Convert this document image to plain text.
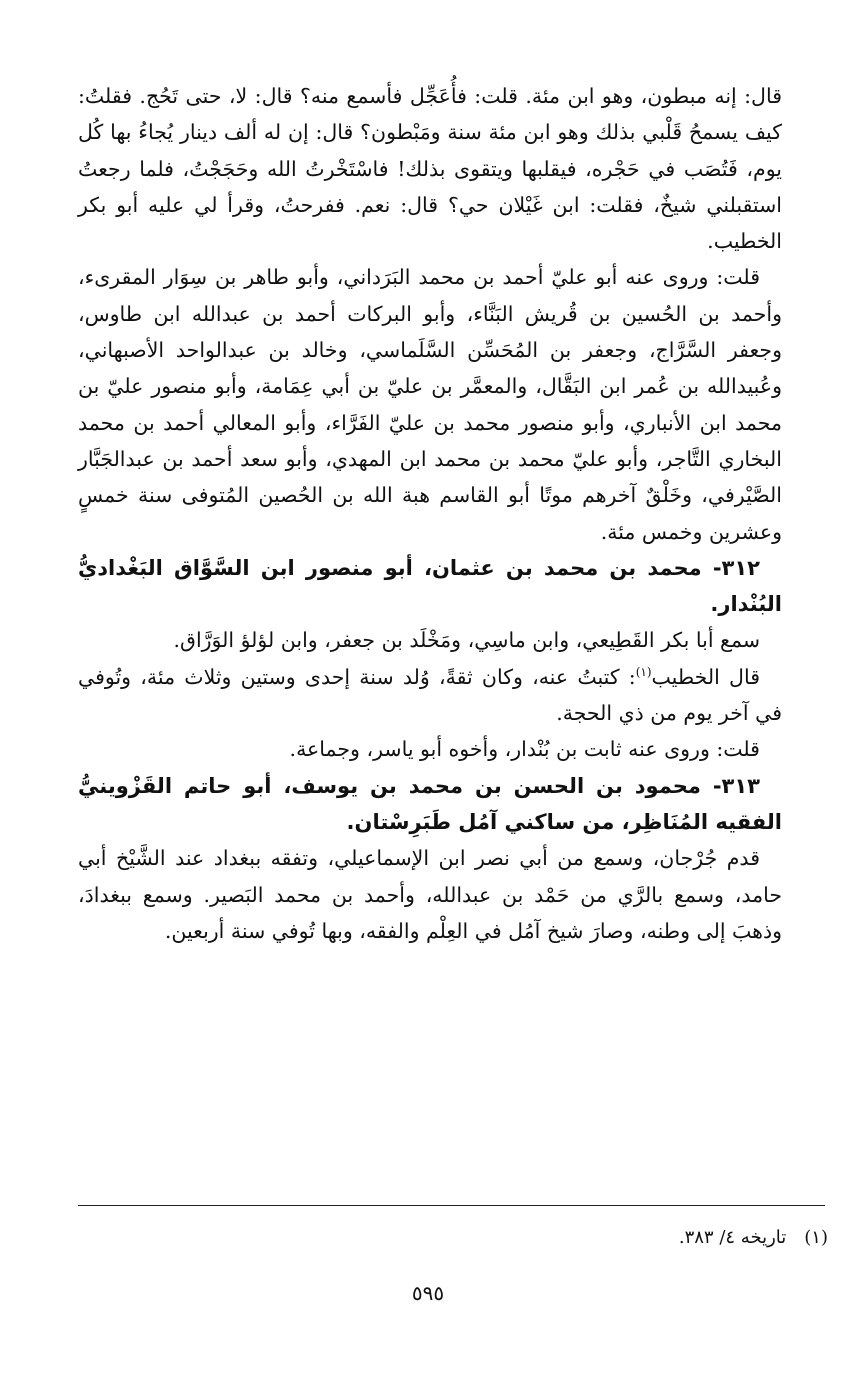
قال: إنه مبطون، وهو ابن مئة. قلت: فأُعَجِّل فأسمع منه؟ قال: لا، حتى تَحُج. فقلتُ: كيف يسمحُ قَلْبي بذلك وهو ابن مئة سنة ومَبْطون؟ قال: إن له ألف دينار يُجاءُ بها كُل يوم، فَتُصَب في حَجْره، فيقلبها ويتقوى بذلك! فاسْتَخْرتُ الله وحَجَجْتُ، فلما رجعتُ استقبلني شيخٌ، فقلت: ابن غَيْلان حي؟ قال: نعم. ففرحتُ، وقرأ لي عليه أبو بكر الخطيب.

قلت: وروى عنه أبو عليّ أحمد بن محمد البَرَداني، وأبو طاهر بن سِوَار المقرىء، وأحمد بن الحُسين بن قُريش البَنَّاء، وأبو البركات أحمد بن عبدالله ابن طاوس، وجعفر السَّرَّاج، وجعفر بن المُحَسِّن السَّلَماسي، وخالد بن عبدالواحد الأصبهاني، وعُبيدالله بن عُمر ابن البَقَّال، والمعمَّر بن عليّ بن أبي عِمَامة، وأبو منصور عليّ بن محمد ابن الأنباري، وأبو منصور محمد بن عليّ الفَرَّاء، وأبو المعالي أحمد بن محمد البخاري التَّاجر، وأبو عليّ محمد بن محمد ابن المهدي، وأبو سعد أحمد بن عبدالجَبَّار الصَّيْرفي، وخَلْقٌ آخرهم موتًا أبو القاسم هبة الله بن الحُصين المُتوفى سنة خمسٍ وعشرين وخمس مئة.

٣١٢- محمد بن محمد بن عثمان، أبو منصور ابن السَّوَّاق البَغْداديُّ البُنْدار.

سمع أبا بكر القَطِيعي، وابن ماسِي، ومَخْلَد بن جعفر، وابن لؤلؤ الوَرَّاق.

قال الخطيب$^{(١)}$: كتبتُ عنه، وكان ثقةً، وُلد سنة إحدى وستين وثلاث مئة، وتُوفي في آخر يوم من ذي الحجة.

قلت: وروى عنه ثابت بن بُنْدار، وأخوه أبو ياسر، وجماعة.

٣١٣- محمود بن الحسن بن محمد بن يوسف، أبو حاتم القَزْوينيُّ الفقيه المُنَاظِر، من ساكني آمُل طَبَرِسْتان.

قدم جُرْجان، وسمع من أبي نصر ابن الإسماعيلي، وتفقه ببغداد عند الشَّيْخ أبي حامد، وسمع بالرَّي من حَمْد بن عبدالله، وأحمد بن محمد البَصير. وسمع ببغدادَ، وذهبَ إلى وطنه، وصارَ شيخ آمُل في العِلْم والفقه، وبها تُوفي سنة أربعين.

(١)تاريخه ٤/ ٣٨٣.
٥٩٥
